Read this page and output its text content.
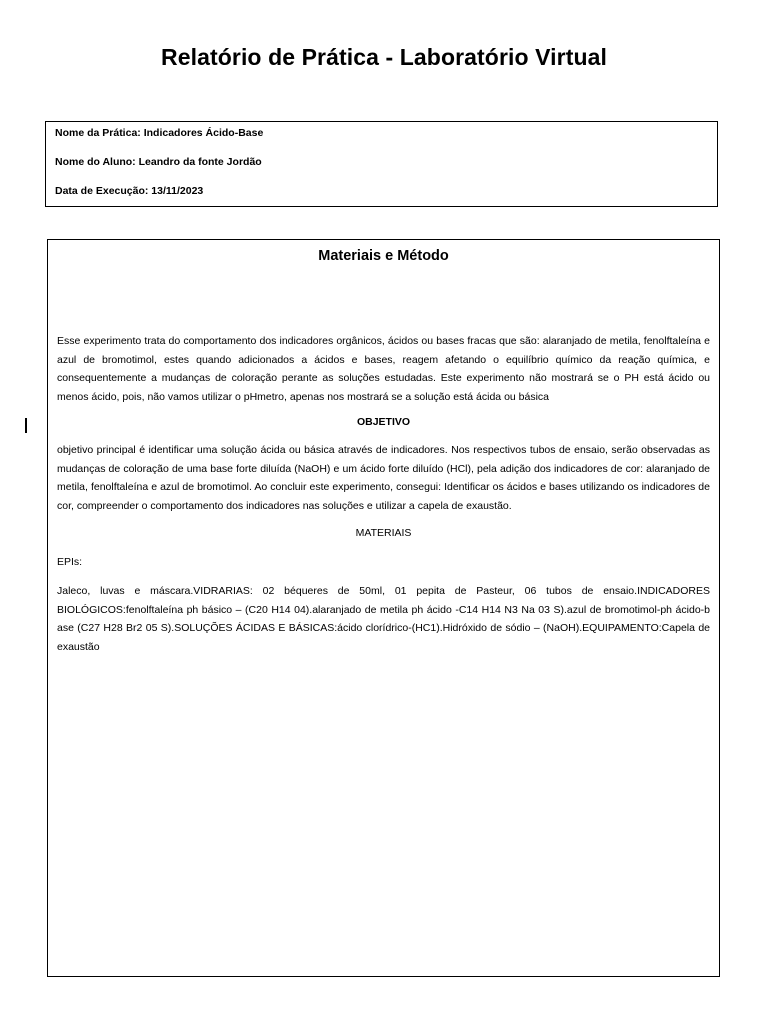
Relatório de Prática - Laboratório Virtual
Nome da Prática: Indicadores Ácido-Base
Nome do Aluno: Leandro da fonte Jordão
Data de Execução: 13/11/2023
Materiais e Método

Esse experimento trata do comportamento dos indicadores orgânicos, ácidos ou bases fracas que são: alaranjado de metila, fenolftaleína e azul de bromotimol, estes quando adicionados a ácidos e bases, reagem afetando o equilíbrio químico da reação química, e consequentemente a mudanças de coloração perante as soluções estudadas. Este experimento não mostrará se o PH está ácido ou menos ácido, pois, não vamos utilizar o pHmetro, apenas nos mostrará se a solução está ácida ou básica

OBJETIVO

objetivo principal é identificar uma solução ácida ou básica através de indicadores. Nos respectivos tubos de ensaio, serão observadas as mudanças de coloração de uma base forte diluída (NaOH) e um ácido forte diluído (HCl), pela adição dos indicadores de cor: alaranjado de metila, fenolftaleína e azul de bromotimol. Ao concluir este experimento, consegui: Identificar os ácidos e bases utilizando os indicadores de cor, compreender o comportamento dos indicadores nas soluções e utilizar a capela de exaustão.

MATERIAIS
EPIs:

Jaleco, luvas e máscara.VIDRARIAS: 02 béqueres de 50ml, 01 pepita de Pasteur, 06 tubos de ensaio.INDICADORES BIOLÓGICOS:fenolftaleína ph básico – (C20 H14 04).alaranjado de metila ph ácido -C14 H14 N3 Na 03 S).azul de bromotimol-ph ácido-b ase (C27 H28 Br2 05 S).SOLUÇÕES ÁCIDAS E BÁSICAS:ácido clorídrico-(HC1).Hidróxido de sódio – (NaOH).EQUIPAMENTO:Capela de exaustão
